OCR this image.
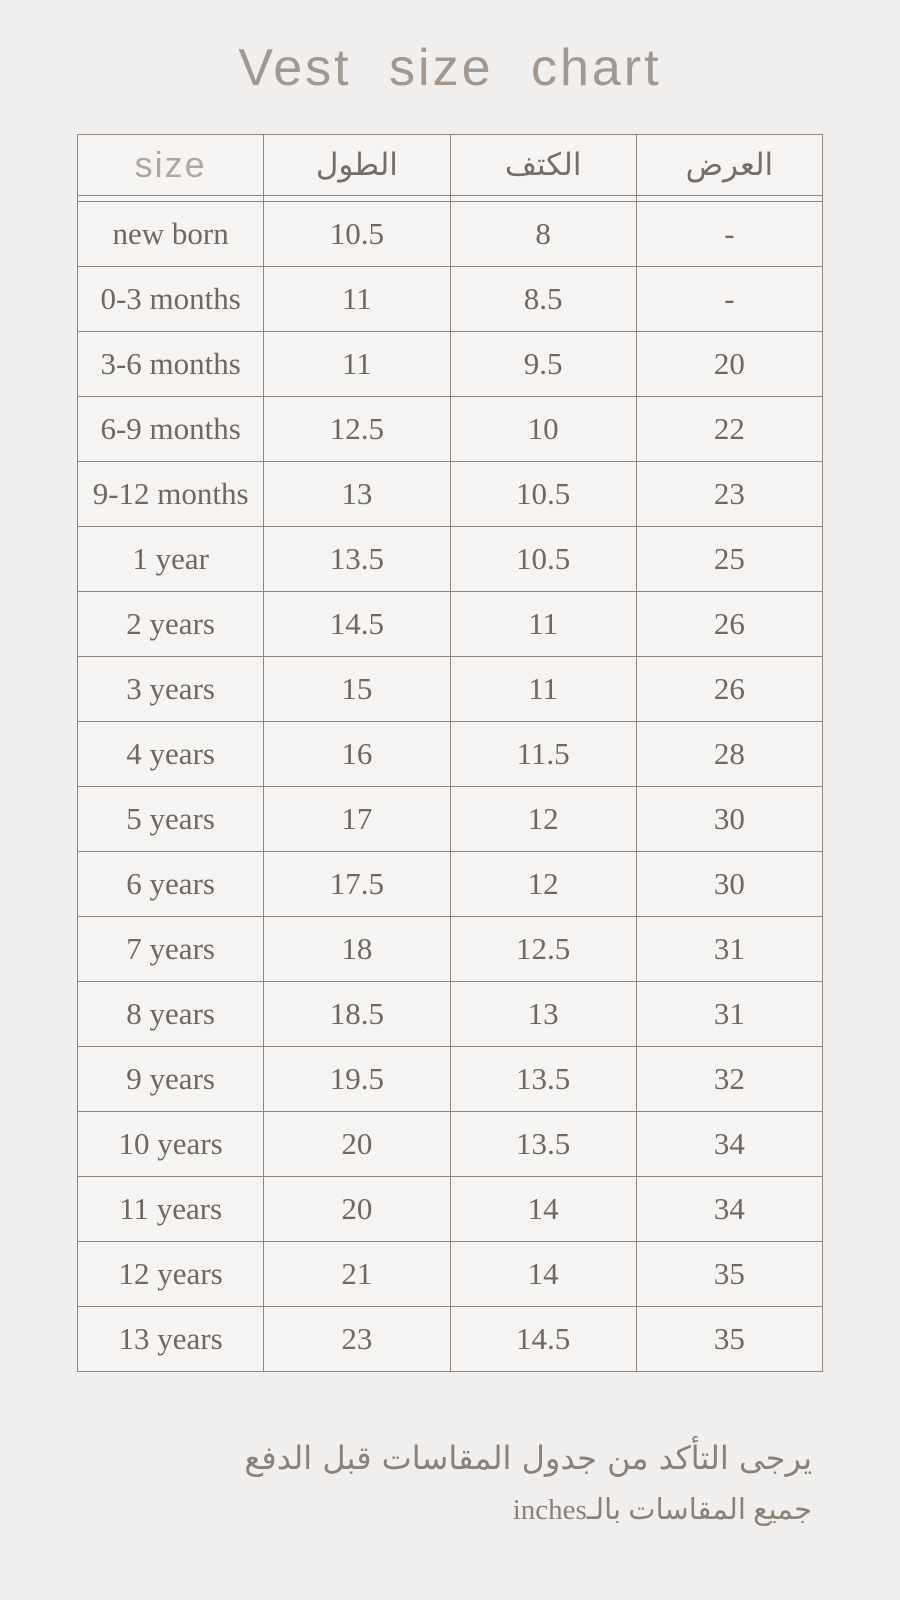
Vest size chart
size	الطول	الكتف	العرض

new born	10.5	8	-
0-3 months	11	8.5	-
3-6 months	11	9.5	20
6-9 months	12.5	10	22
9-12 months	13	10.5	23
1 year	13.5	10.5	25
2 years	14.5	11	26
3 years	15	11	26
4 years	16	11.5	28
5 years	17	12	30
6 years	17.5	12	30
7 years	18	12.5	31
8 years	18.5	13	31
9 years	19.5	13.5	32
10 years	20	13.5	34
11 years	20	14	34
12 years	21	14	35
13 years	23	14.5	35
يرجى التأكد من جدول المقاسات قبل الدفع
جميع المقاسات بالـinches
